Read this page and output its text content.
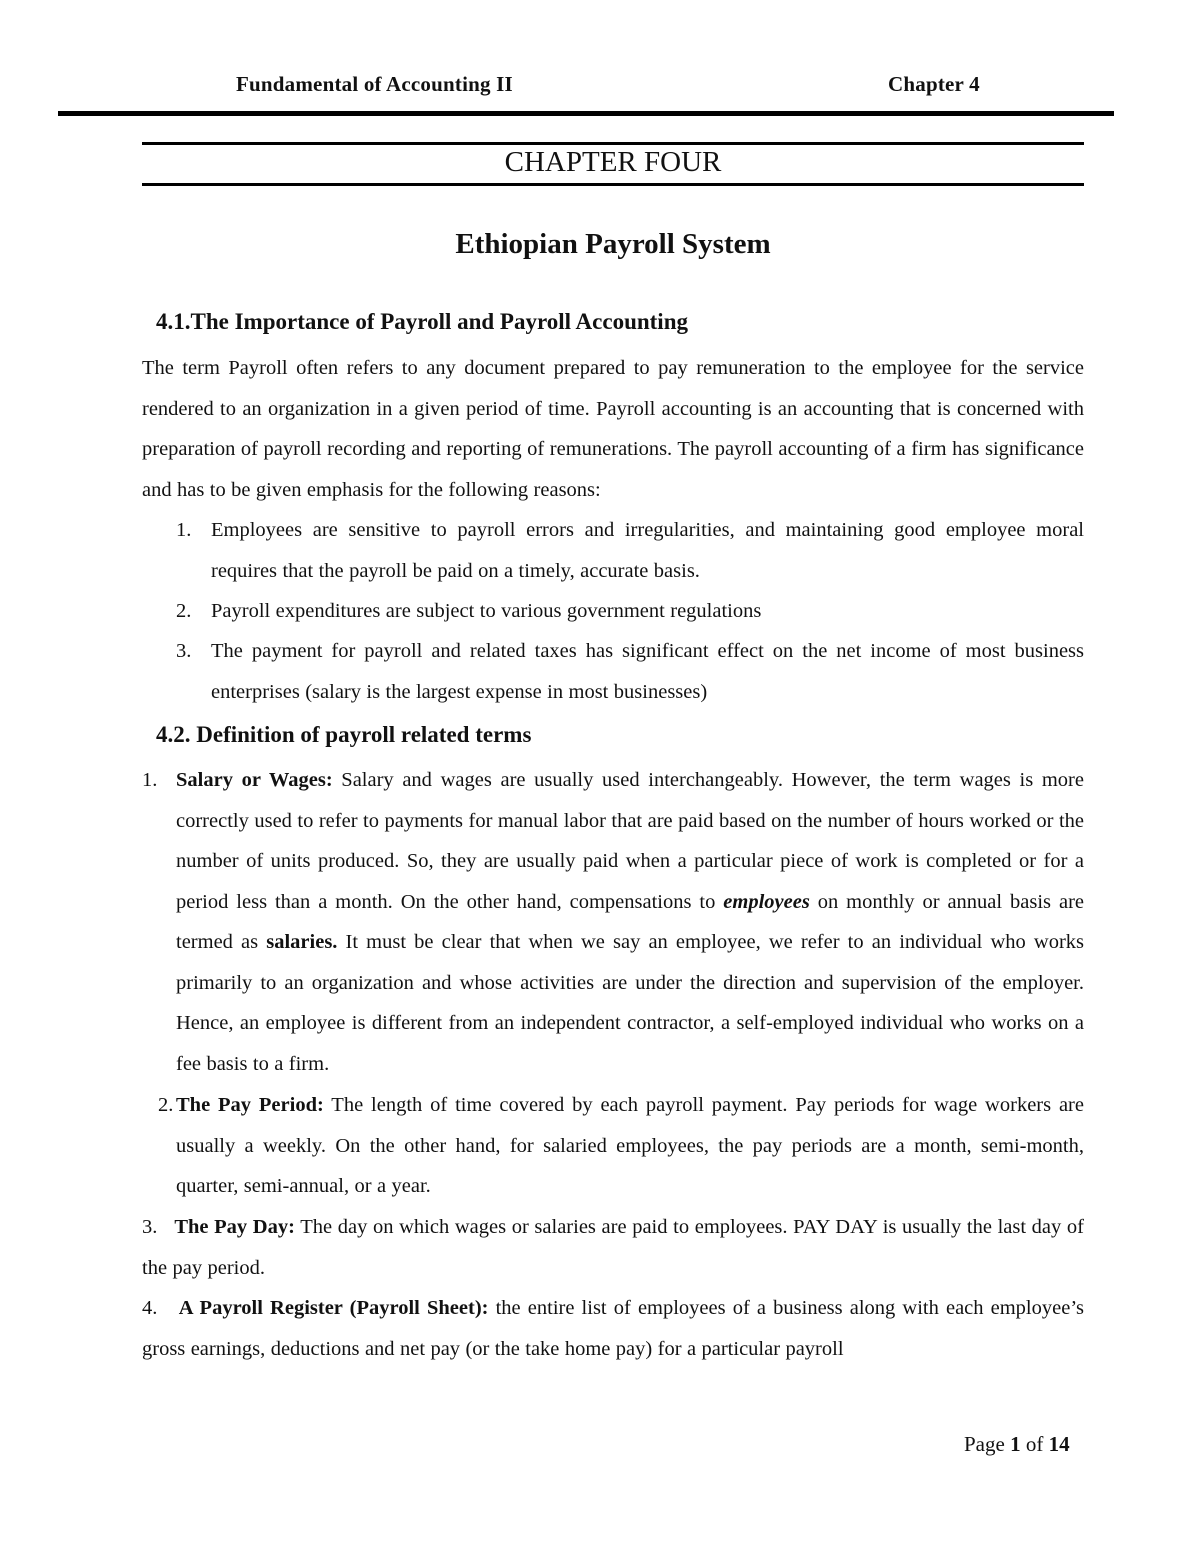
Fundamental of Accounting II	Chapter 4
CHAPTER FOUR
Ethiopian Payroll System
4.1.The Importance of Payroll and Payroll Accounting
The term Payroll often refers to any document prepared to pay remuneration to the employee for the service rendered to an organization in a given period of time. Payroll accounting is an accounting that is concerned with preparation of payroll recording and reporting of remunerations. The payroll accounting of a firm has significance and has to be given emphasis for the following reasons:
1. Employees are sensitive to payroll errors and irregularities, and maintaining good employee moral requires that the payroll be paid on a timely, accurate basis.
2. Payroll expenditures are subject to various government regulations
3. The payment for payroll and related taxes has significant effect on the net income of most business enterprises (salary is the largest expense in most businesses)
4.2. Definition of payroll related terms
1. Salary or Wages: Salary and wages are usually used interchangeably. However, the term wages is more correctly used to refer to payments for manual labor that are paid based on the number of hours worked or the number of units produced. So, they are usually paid when a particular piece of work is completed or for a period less than a month. On the other hand, compensations to employees on monthly or annual basis are termed as salaries. It must be clear that when we say an employee, we refer to an individual who works primarily to an organization and whose activities are under the direction and supervision of the employer. Hence, an employee is different from an independent contractor, a self-employed individual who works on a fee basis to a firm.
2. The Pay Period: The length of time covered by each payroll payment. Pay periods for wage workers are usually a weekly. On the other hand, for salaried employees, the pay periods are a month, semi-month, quarter, semi-annual, or a year.
3. The Pay Day: The day on which wages or salaries are paid to employees. PAY DAY is usually the last day of the pay period.
4. A Payroll Register (Payroll Sheet): the entire list of employees of a business along with each employee’s gross earnings, deductions and net pay (or the take home pay) for a particular payroll
Page 1 of 14
